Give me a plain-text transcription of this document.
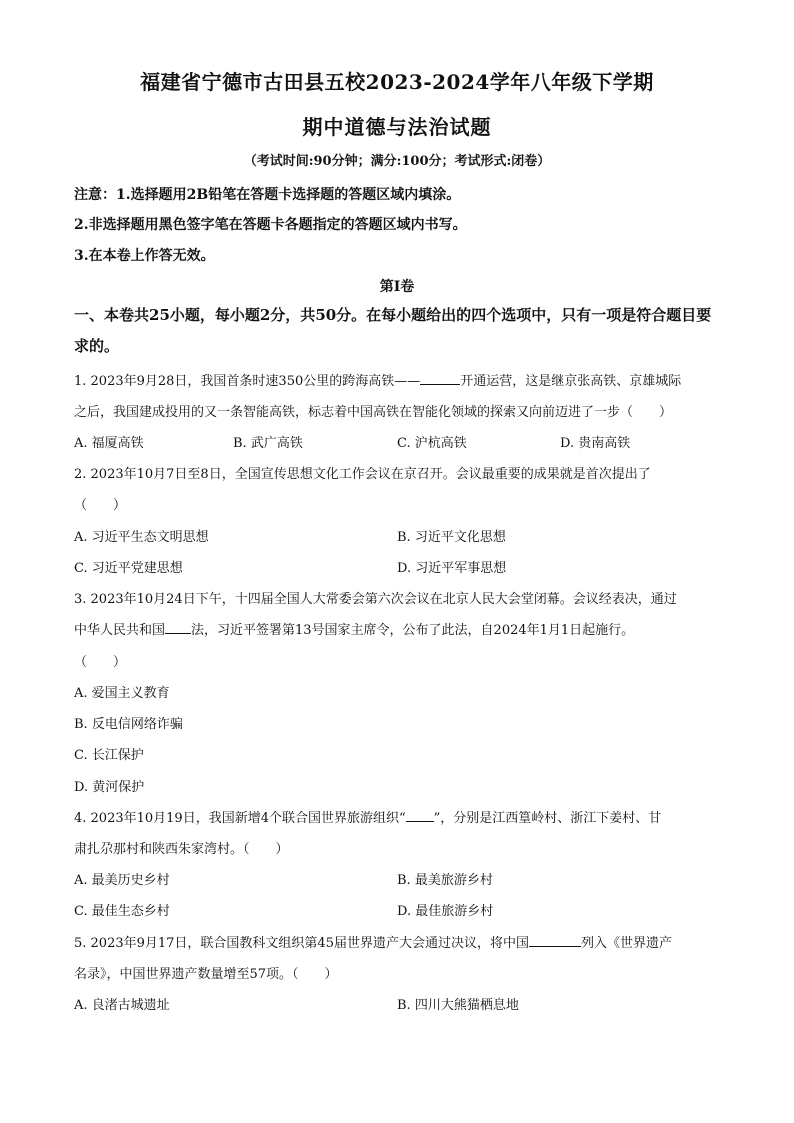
福建省宁德市古田县五校2023-2024学年八年级下学期
期中道德与法治试题
（考试时间:90分钟；满分:100分；考试形式:闭卷）
注意：1.选择题用2B铅笔在答题卡选择题的答题区域内填涂。
2.非选择题用黑色签字笔在答题卡各题指定的答题区域内书写。
3.在本卷上作答无效。
第Ⅰ卷
一、本卷共25小题，每小题2分，共50分。在每小题给出的四个选项中，只有一项是符合题目要求的。
1. 2023年9月28日，我国首条时速350公里的跨海高铁——	开通运营，这是继京张高铁、京雄城际
之后，我国建成投用的又一条智能高铁，标志着中国高铁在智能化领域的探索又向前迈进了一步（　　）
A. 福厦高铁	B. 武广高铁	C. 沪杭高铁	D. 贵南高铁
2. 2023年10月7日至8日，全国宣传思想文化工作会议在京召开。会议最重要的成果就是首次提出了
（　　）
A. 习近平生态文明思想	B. 习近平文化思想
C. 习近平党建思想	D. 习近平军事思想
3. 2023年10月24日下午，十四届全国人大常委会第六次会议在北京人民大会堂闭幕。会议经表决，通过
中华人民共和国 法，习近平签署第13号国家主席令，公布了此法，自2024年1月1日起施行。
（　　）
A. 爱国主义教育
B. 反电信网络诈骗
C. 长江保护
D. 黄河保护
4. 2023年10月19日，我国新增4个联合国世界旅游组织“ ”，分别是江西篁岭村、浙江下姜村、甘
肃扎尕那村和陕西朱家湾村。（　　）
A. 最美历史乡村	B. 最美旅游乡村
C. 最佳生态乡村	D. 最佳旅游乡村
5. 2023年9月17日，联合国教科文组织第45届世界遗产大会通过决议，将中国	列入《世界遗产
名录》，中国世界遗产数量增至57项。（　　）
A. 良渚古城遗址	B. 四川大熊猫栖息地
